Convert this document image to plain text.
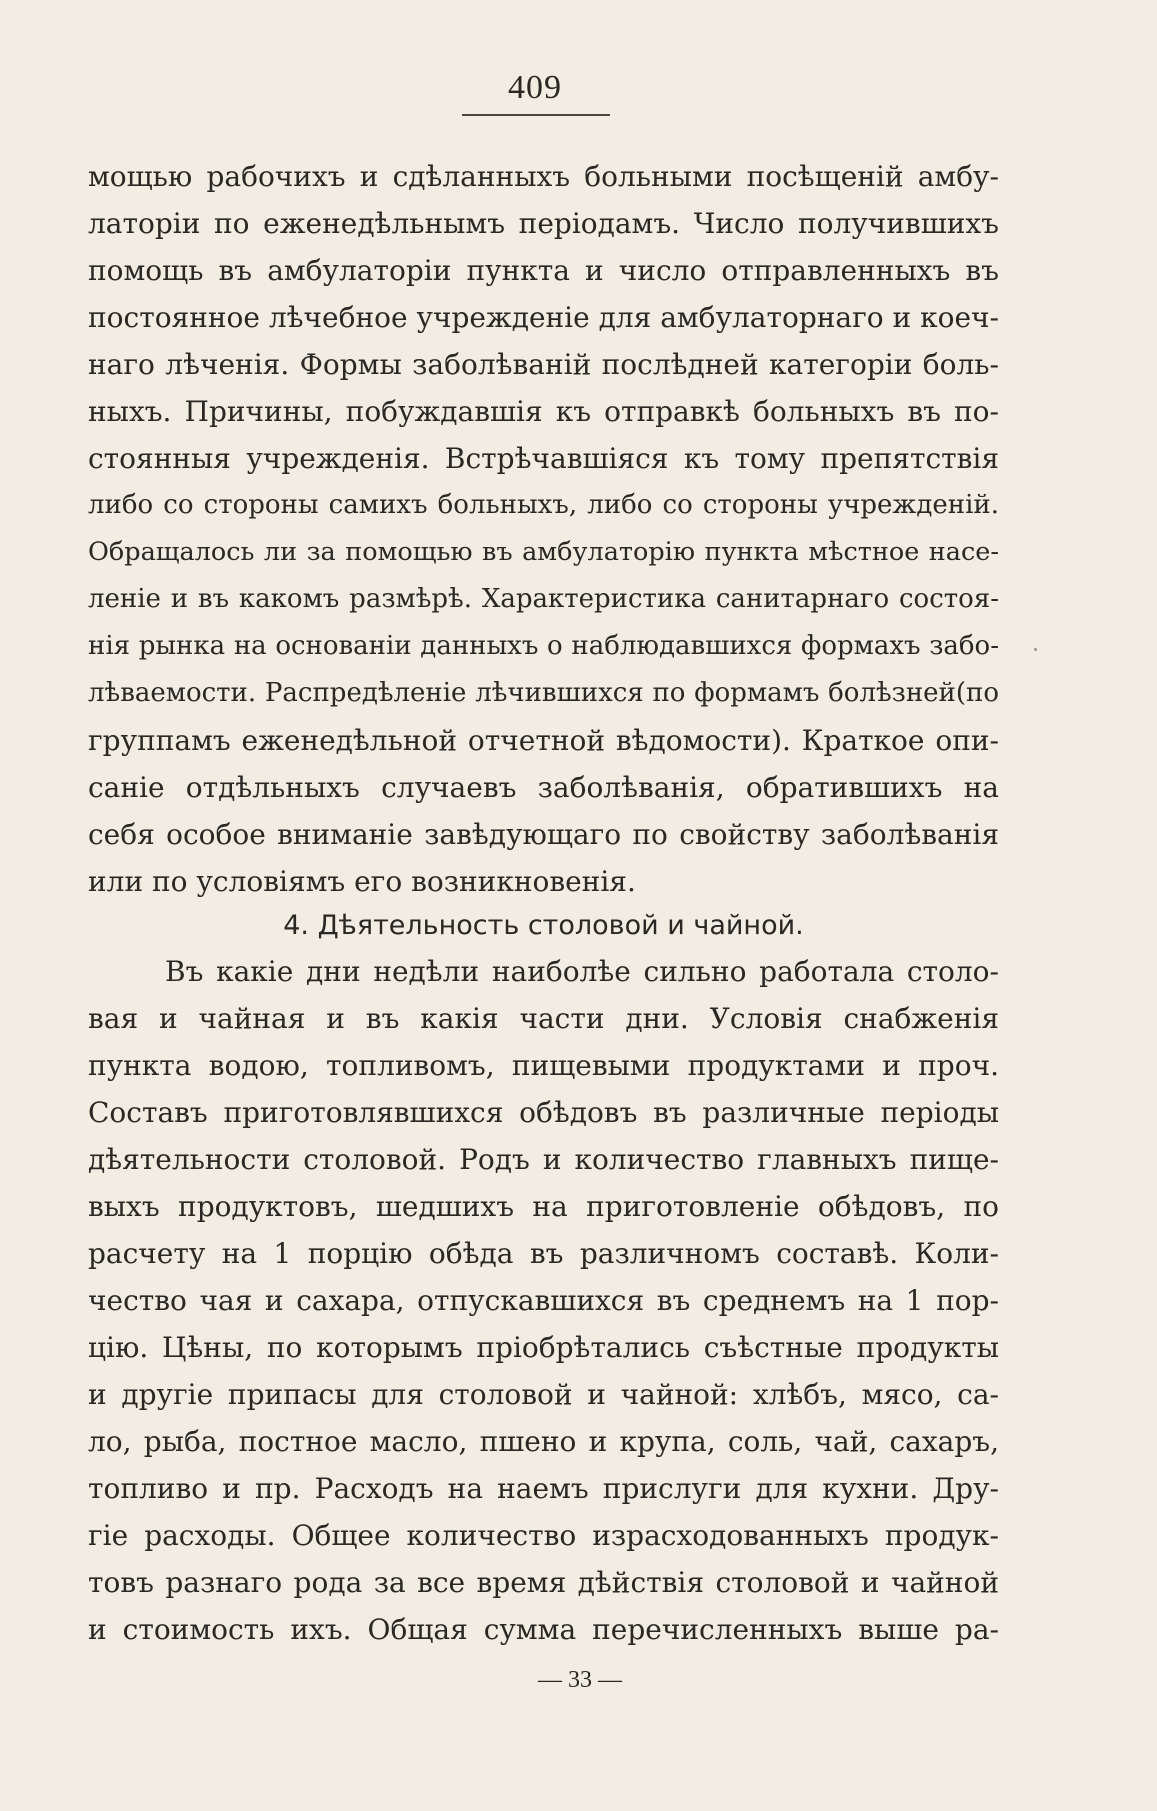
409
мощью рабочихъ и сдѣланныхъ больными посѣщеній амбу-
латоріи по еженедѣльнымъ періодамъ. Число получившихъ
помощь въ амбулаторіи пункта и число отправленныхъ въ
постоянное лѣчебное учрежденіе для амбулаторнаго и коеч-
наго лѣченія. Формы заболѣваній послѣдней категоріи боль-
ныхъ. Причины, побуждавшія къ отправкѣ больныхъ въ по-
стоянныя учрежденія. Встрѣчавшіяся къ тому препятствія
либо со стороны самихъ больныхъ, либо со стороны учрежденій.
Обращалось ли за помощью въ амбулаторію пункта мѣстное насе-
леніе и въ какомъ размѣрѣ. Характеристика санитарнаго состоя-
нія рынка на основаніи данныхъ о наблюдавшихся формахъ забо-
лѣваемости. Распредѣленіе лѣчившихся по формамъ болѣзней(по
группамъ еженедѣльной отчетной вѣдомости). Краткое опи-
саніе отдѣльныхъ случаевъ заболѣванія, обратившихъ на
себя особое вниманіе завѣдующаго по свойству заболѣванія
или по условіямъ его возникновенія.
4. Дѣятельность столовой и чайной.
Въ какіе дни недѣли наиболѣе сильно работала столо-
вая и чайная и въ какія части дни. Условія снабженія
пункта водою, топливомъ, пищевыми продуктами и проч.
Составъ приготовлявшихся обѣдовъ въ различные періоды
дѣятельности столовой. Родъ и количество главныхъ пище-
выхъ продуктовъ, шедшихъ на приготовленіе обѣдовъ, по
расчету на 1 порцію обѣда въ различномъ составѣ. Коли-
чество чая и сахара, отпускавшихся въ среднемъ на 1 пор-
цію. Цѣны, по которымъ пріобрѣтались съѣстные продукты
и другіе припасы для столовой и чайной: хлѣбъ, мясо, са-
ло, рыба, постное масло, пшено и крупа, соль, чай, сахаръ,
топливо и пр. Расходъ на наемъ прислуги для кухни. Дру-
гіе расходы. Общее количество израсходованныхъ продук-
товъ разнаго рода за все время дѣйствія столовой и чайной
и стоимость ихъ. Общая сумма перечисленныхъ выше ра-
— 33 —
